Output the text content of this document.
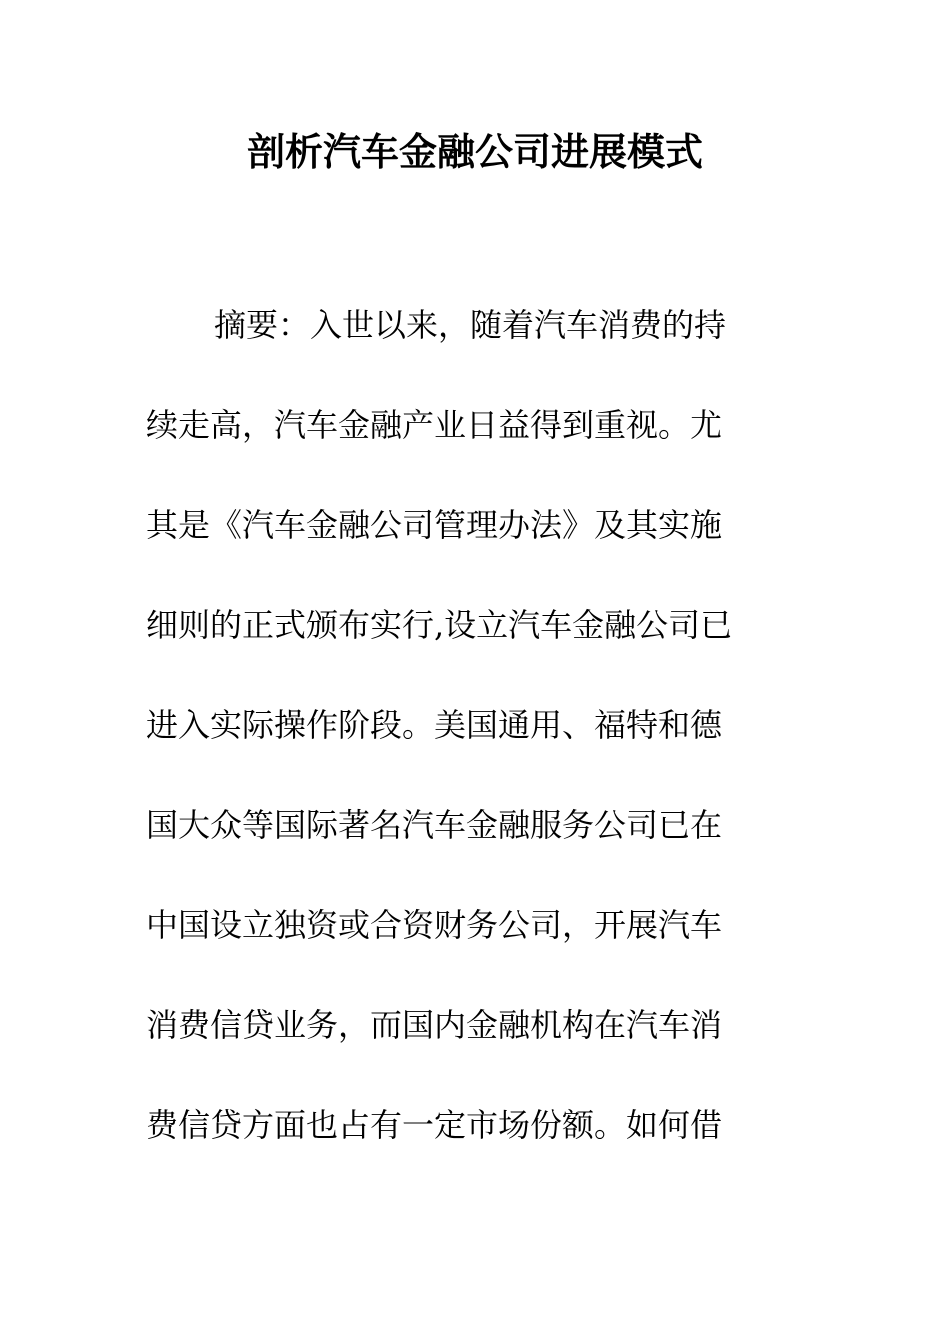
剖析汽车金融公司进展模式
摘要：入世以来，随着汽车消费的持
续走高，汽车金融产业日益得到重视。尤
其是《汽车金融公司管理办法》及其实施
细则的正式颁布实行,设立汽车金融公司已
进入实际操作阶段。美国通用、福特和德
国大众等国际著名汽车金融服务公司已在
中国设立独资或合资财务公司，开展汽车
消费信贷业务，而国内金融机构在汽车消
费信贷方面也占有一定市场份额。如何借
